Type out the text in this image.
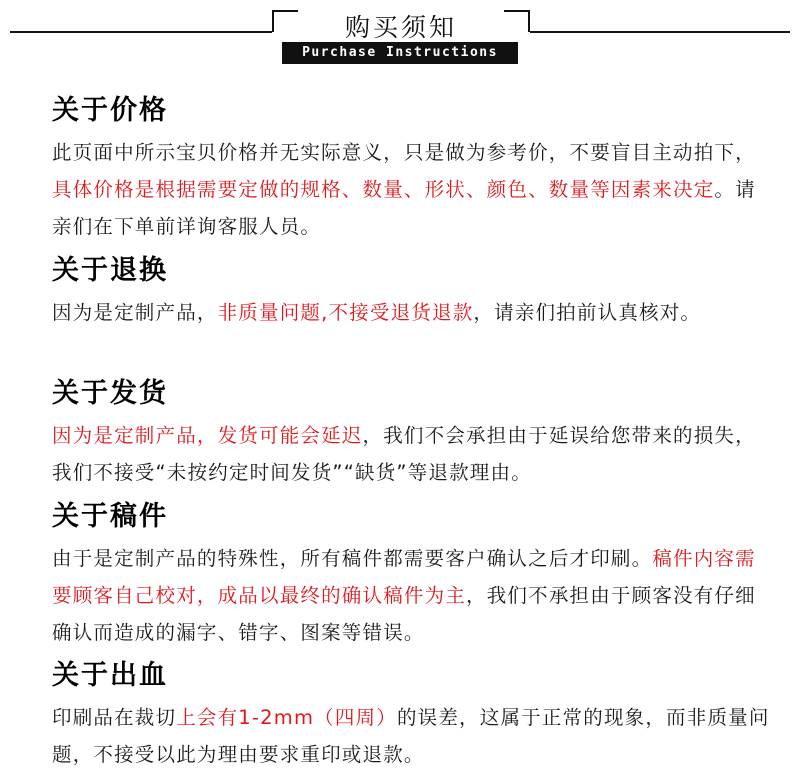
购买须知
Purchase Instructions
关于价格

此页面中所示宝贝价格并无实际意义，只是做为参考价，不要盲目主动拍下，具体价格是根据需要定做的规格、数量、形状、颜色、数量等因素来决定。请亲们在下单前详询客服人员。

关于退换

因为是定制产品，非质量问题,不接受退货退款，请亲们拍前认真核对。

关于发货

因为是定制产品，发货可能会延迟，我们不会承担由于延误给您带来的损失，我们不接受“未按约定时间发货”“缺货”等退款理由。

关于稿件

由于是定制产品的特殊性，所有稿件都需要客户确认之后才印刷。稿件内容需要顾客自己校对，成品以最终的确认稿件为主，我们不承担由于顾客没有仔细确认而造成的漏字、错字、图案等错误。

关于出血

印刷品在裁切上会有1-2mm（四周）的误差，这属于正常的现象，而非质量问题，不接受以此为理由要求重印或退款。
